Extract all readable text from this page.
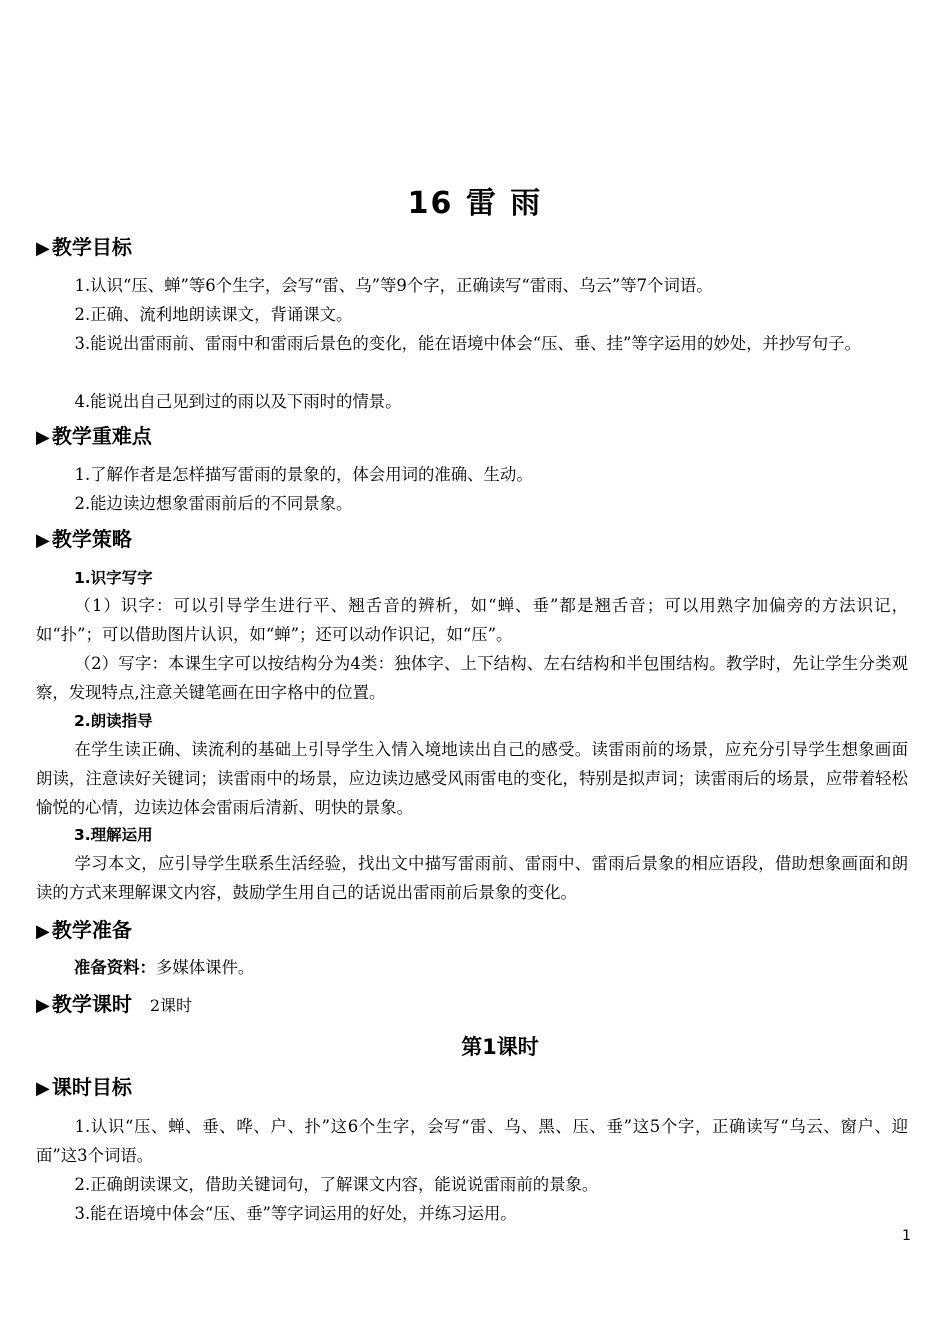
16 雷 雨
▶ 教学目标
1.认识“压、蝉”等6个生字，会写“雷、乌”等9个字，正确读写“雷雨、乌云”等7个词语。
2.正确、流利地朗读课文，背诵课文。
3.能说出雷雨前、雷雨中和雷雨后景色的变化，能在语境中体会“压、垂、挂”等字运用的妙处，并抄写句子。
4.能说出自己见到过的雨以及下雨时的情景。
▶ 教学重难点
1.了解作者是怎样描写雷雨的景象的，体会用词的准确、生动。
2.能边读边想象雷雨前后的不同景象。
▶ 教学策略
1.识字写字
（1）识字：可以引导学生进行平、翘舌音的辨析，如“蝉、垂”都是翘舌音；可以用熟字加偏旁的方法识记，如“扑”；可以借助图片认识，如“蝉”；还可以动作识记，如“压”。
（2）写字：本课生字可以按结构分为4类：独体字、上下结构、左右结构和半包围结构。教学时，先让学生分类观察，发现特点,注意关键笔画在田字格中的位置。
2.朗读指导
在学生读正确、读流利的基础上引导学生入情入境地读出自己的感受。读雷雨前的场景，应充分引导学生想象画面朗读，注意读好关键词；读雷雨中的场景，应边读边感受风雨雷电的变化，特别是拟声词；读雷雨后的场景，应带着轻松愉悦的心情，边读边体会雷雨后清新、明快的景象。
3.理解运用
学习本文，应引导学生联系生活经验，找出文中描写雷雨前、雷雨中、雷雨后景象的相应语段，借助想象画面和朗读的方式来理解课文内容，鼓励学生用自己的话说出雷雨前后景象的变化。
▶ 教学准备
准备资料：多媒体课件。
▶ 教学课时 2课时
第1课时
▶ 课时目标
1.认识“压、蝉、垂、哗、户、扑”这6个生字，会写“雷、乌、黑、压、垂”这5个字，正确读写“乌云、窗户、迎面”这3个词语。
2.正确朗读课文，借助关键词句，了解课文内容，能说说雷雨前的景象。
3.能在语境中体会“压、垂”等字词运用的好处，并练习运用。
1
